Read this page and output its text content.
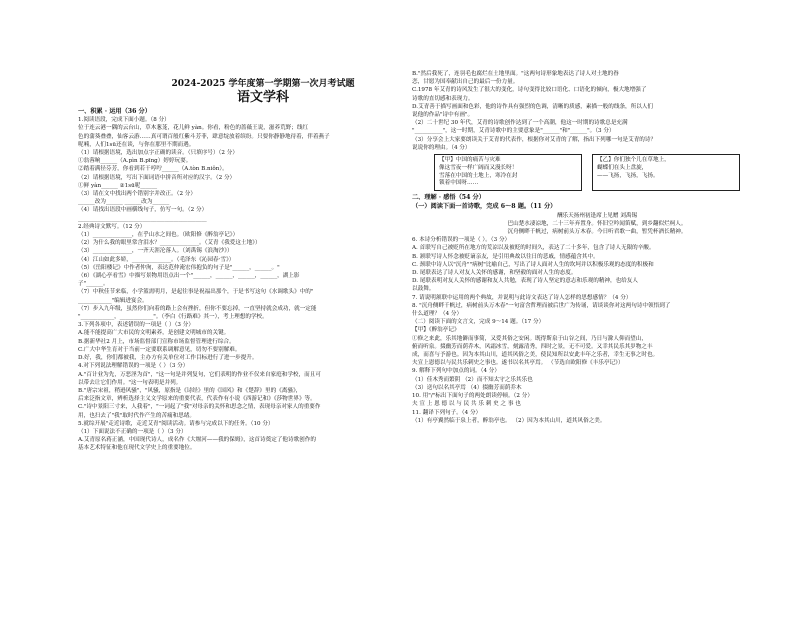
2024-2025 学年度第一学期第一次月考试题

语文学科

一、积累 · 运用（36 分）

1.阅读语段，完成下面小题。（8 分）

位于连云港一隅的云台山，草木葱茏，花儿鲜 yàn。你看，粉色的蔷薇王说，滋养荒野；线红

色的蒲葵叠叠，仙客云游……真可谓百般红紫斗芳菲，肆意绽放着缤纷。只要你静静地待着，伴着燕子

呢喃，人们1sū还在谈，与你在那里不期而遇。

（1）请根据语境，选出加点字正确的读音。（只填序号）（2 分）

①翁蓉晌______（A.pìn B.pīng）婷婷玩耍。

②踏着满径芬芳，你看到若干哼咛______（A.tòn B.niǒn）。

（2）请根据语境，写出下面词语中拼音所对应的汉字。（2 分）

①鲜 yàn______ ②1sū呢______

（3）请在文中找出两个错别字并改正。（2 分）

______改为______ ______改为______

（4）请找出语段中画横线句子，仿写一句。（2 分）

______________________________________________

2.经典诗文默写。（12 分）

（1）______________，在乎山水之间也。（欧阳修《醉翁亭记》）

（2）为什么我的眼里常含泪水？______________。（艾青《我爱这土地》）

（3）______________，一齐天涯沦落人。（刘禹锡《浪淘沙》）

（4）江山如此多娇，______________。（毛泽东《沁园春·雪》）

（5）《岳阳楼记》中作者仲洵，表达范仲淹宏伟抱负的句子是"______，______。"

（6）《湖心亭看雪》中描写景物用语点出一个"______，______，______，______，湖上影

子"______。

（7）中秋佳节来临，小学篮需明月，是起往事是祝福出那个，于是书写这句《水调歌头》中的"

____________"编辑进宴会。

（7）步入九年级，虽然你们向着的路上会有挫折，但你不要忘掉，一直坚持就会成功，就一定能

"____________，____________"。（李白《行路难》其一），考上理想的学校。

3.下列各项中，表述错误的一项是（ ）（3 分）

A.能不能提高广大市民的文明素养，是创建文明城市的关键。

B.据新华社2 月上，市场监督部门宣称市场监督管理进行综合。

C.广大中华生育对于当前一定要联系调解意见，切勿不要别解难。

D.好，我，你们都被我，主办方有关单位对工作目标进行了进一步提升。

4.对下列说法理解错误的一项是（ ）（3 分）

A."百计业为先，万恶淫为首"，"这一句是并列复句，它们表明的作业不仅来自家庭和学校，而且可

以带去让它们作用。"这一句表明是并列。

B."唐宗宋祖，稍逊风骚"，"风骚，原指是《诗经》里的《国风》和《楚辞》里的《离骚》，

后来泛指文章，辨析选择主义文学原来的重要代表，代表作有小说《西游记和》《莎物世界》等。

C."诗中景阳三寸来，人我着"，"一词起了"我"对母亲的关怀和思念之情，表现母亲对家人的重要作

用，也扫去了"我"取时代作产生的苦痛和思绪。

5.就综开展"走近诗歌，走近艾青"阅读活动。请参与完成以下的任务。（10 分）

（1）下面说法不正确的一项是（ ）（3 分）

A.艾青原名蒋正涵，中国现代诗人，成名作《大堰河——我的保姆》，这首诗奠定了他诗歌创作的

基本艺术特征和他在现代文学史上的重要地位。

B."然后我死了，连羽毛也腐烂在土地里面。"这两句诗形象地表达了诗人对土地的眷

恋，甘愿为国奉献出自己的最后一份力量。

C.1978 年艾青的诗风发生了很大的变化，诗句变得比较口语化、口语化的倾向，极大地增强了

诗歌的直切感和表现力。

D.艾青善于描写画面和色彩，他的诗作具有强烈的色调，清晰的质感，素描一般的线条，所以人们

说他的作品"诗中有画"。

（2）二十世纪 30 年代，艾青的诗歌创作达到了一个高潮，他这一时期的诗歌总是充满

"__________"，这一时期，艾青诗歌中的主要意象是"______"和"______"。（3 分）

（3）分享会上大家要朗读关于艾青的代表作，根据你对艾青的了解，指出下列哪一句是艾青的诗？

说说你的理由。（4 分）

【甲】中国的痛苦与灾难
像这雪夜一样广阔而又漫长呀！
雪落在中国的土地上，寒冷在封
锁着中国呀……
【乙】你们独个儿在草地上，
蝴蝶们在头上盘旋，
——飞扬，飞扬，飞扬。

二、理解 · 感悟（54 分）

（一）阅读下面一首诗歌，完成 6～8 题。（11 分）

酬乐天扬州初逢席上见赠 刘禹锡

巴山楚水凄凉地，二十三年弃置身。怀旧空吟闻笛赋，到乡翻似烂柯人。

沉舟侧畔千帆过，病树前头万木春。今日听君歌一曲，暂凭杯酒长精神。

6. 本诗分析错误的一项是（ ）。（3 分）

A. 首联写自己被贬所在地方的荒凉以及被贬的时间久，表达了二十多年，包含了诗人无限的辛酸。

B. 颔联写诗人怀念被贬谪亲友，是引用典故以往日的悲戚，情感蕴含其中。

C. 颈联中诗人以"沉舟""病树"比喻自己，写出了诗人面对人生的坎坷并以积极乐观的态度的积极和

D. 尾联表达了诗人对友人关怀的感谢，和坚毅的面对人生的态度。

D. 尾联表明对友人关怀的感谢和友人共勉，表现了诗人坚定的意志和乐观的精神，也给友人

以鼓舞。

7. 请说明颔联中运用的两个典故，并说明与此诗文表达了诗人怎样的思想感情？（4 分）

8. "沉舟侧畔千帆过，病树前头万木春"一句富含哲理而被后世广为传诵，请谈谈你对这两句诗中领悟到了

什么道理？（4 分）

（二）阅读下面的文言文，完成 9～14 题。（17 分）

【甲】《醉翁亭记》

①修之来此，乐其地僻而事简，又爱其俗之安闲。既得斯泉于山谷之间，乃日与滁人仰而望山，

俯而听泉。掇幽芳而荫乔木，风霜冰雪，刻露清秀，四时之景，无不可爱。又幸其民乐其岁物之丰

成，而喜与予游也。因为本其山川，道其风俗之美，使民知所以安此丰年之乐者，幸生无事之时也。

夫宣上恩德以与民共乐刺史之事也。遂书以名其亭焉。 （节选自欧阳修《丰乐亭记》）

9. 解释下列句中加点的词。（4 分）

（1）佳木秀而繁阴 （2）而不知太守之乐其乐也

（3）送句以名其亭焉 （4）掇幽芳而荫乔木

10. 用"/"标出下面句子的两处朗读停顿。（2 分）

夫 宣 上 恩 德 以 与 民 共 乐 刺 史 之 事 也

11. 翻译下列句子。（4 分）

（1）有亭翼然临于泉上者，醉翁亭也。 （2）因为本其山川，道其风俗之美。
